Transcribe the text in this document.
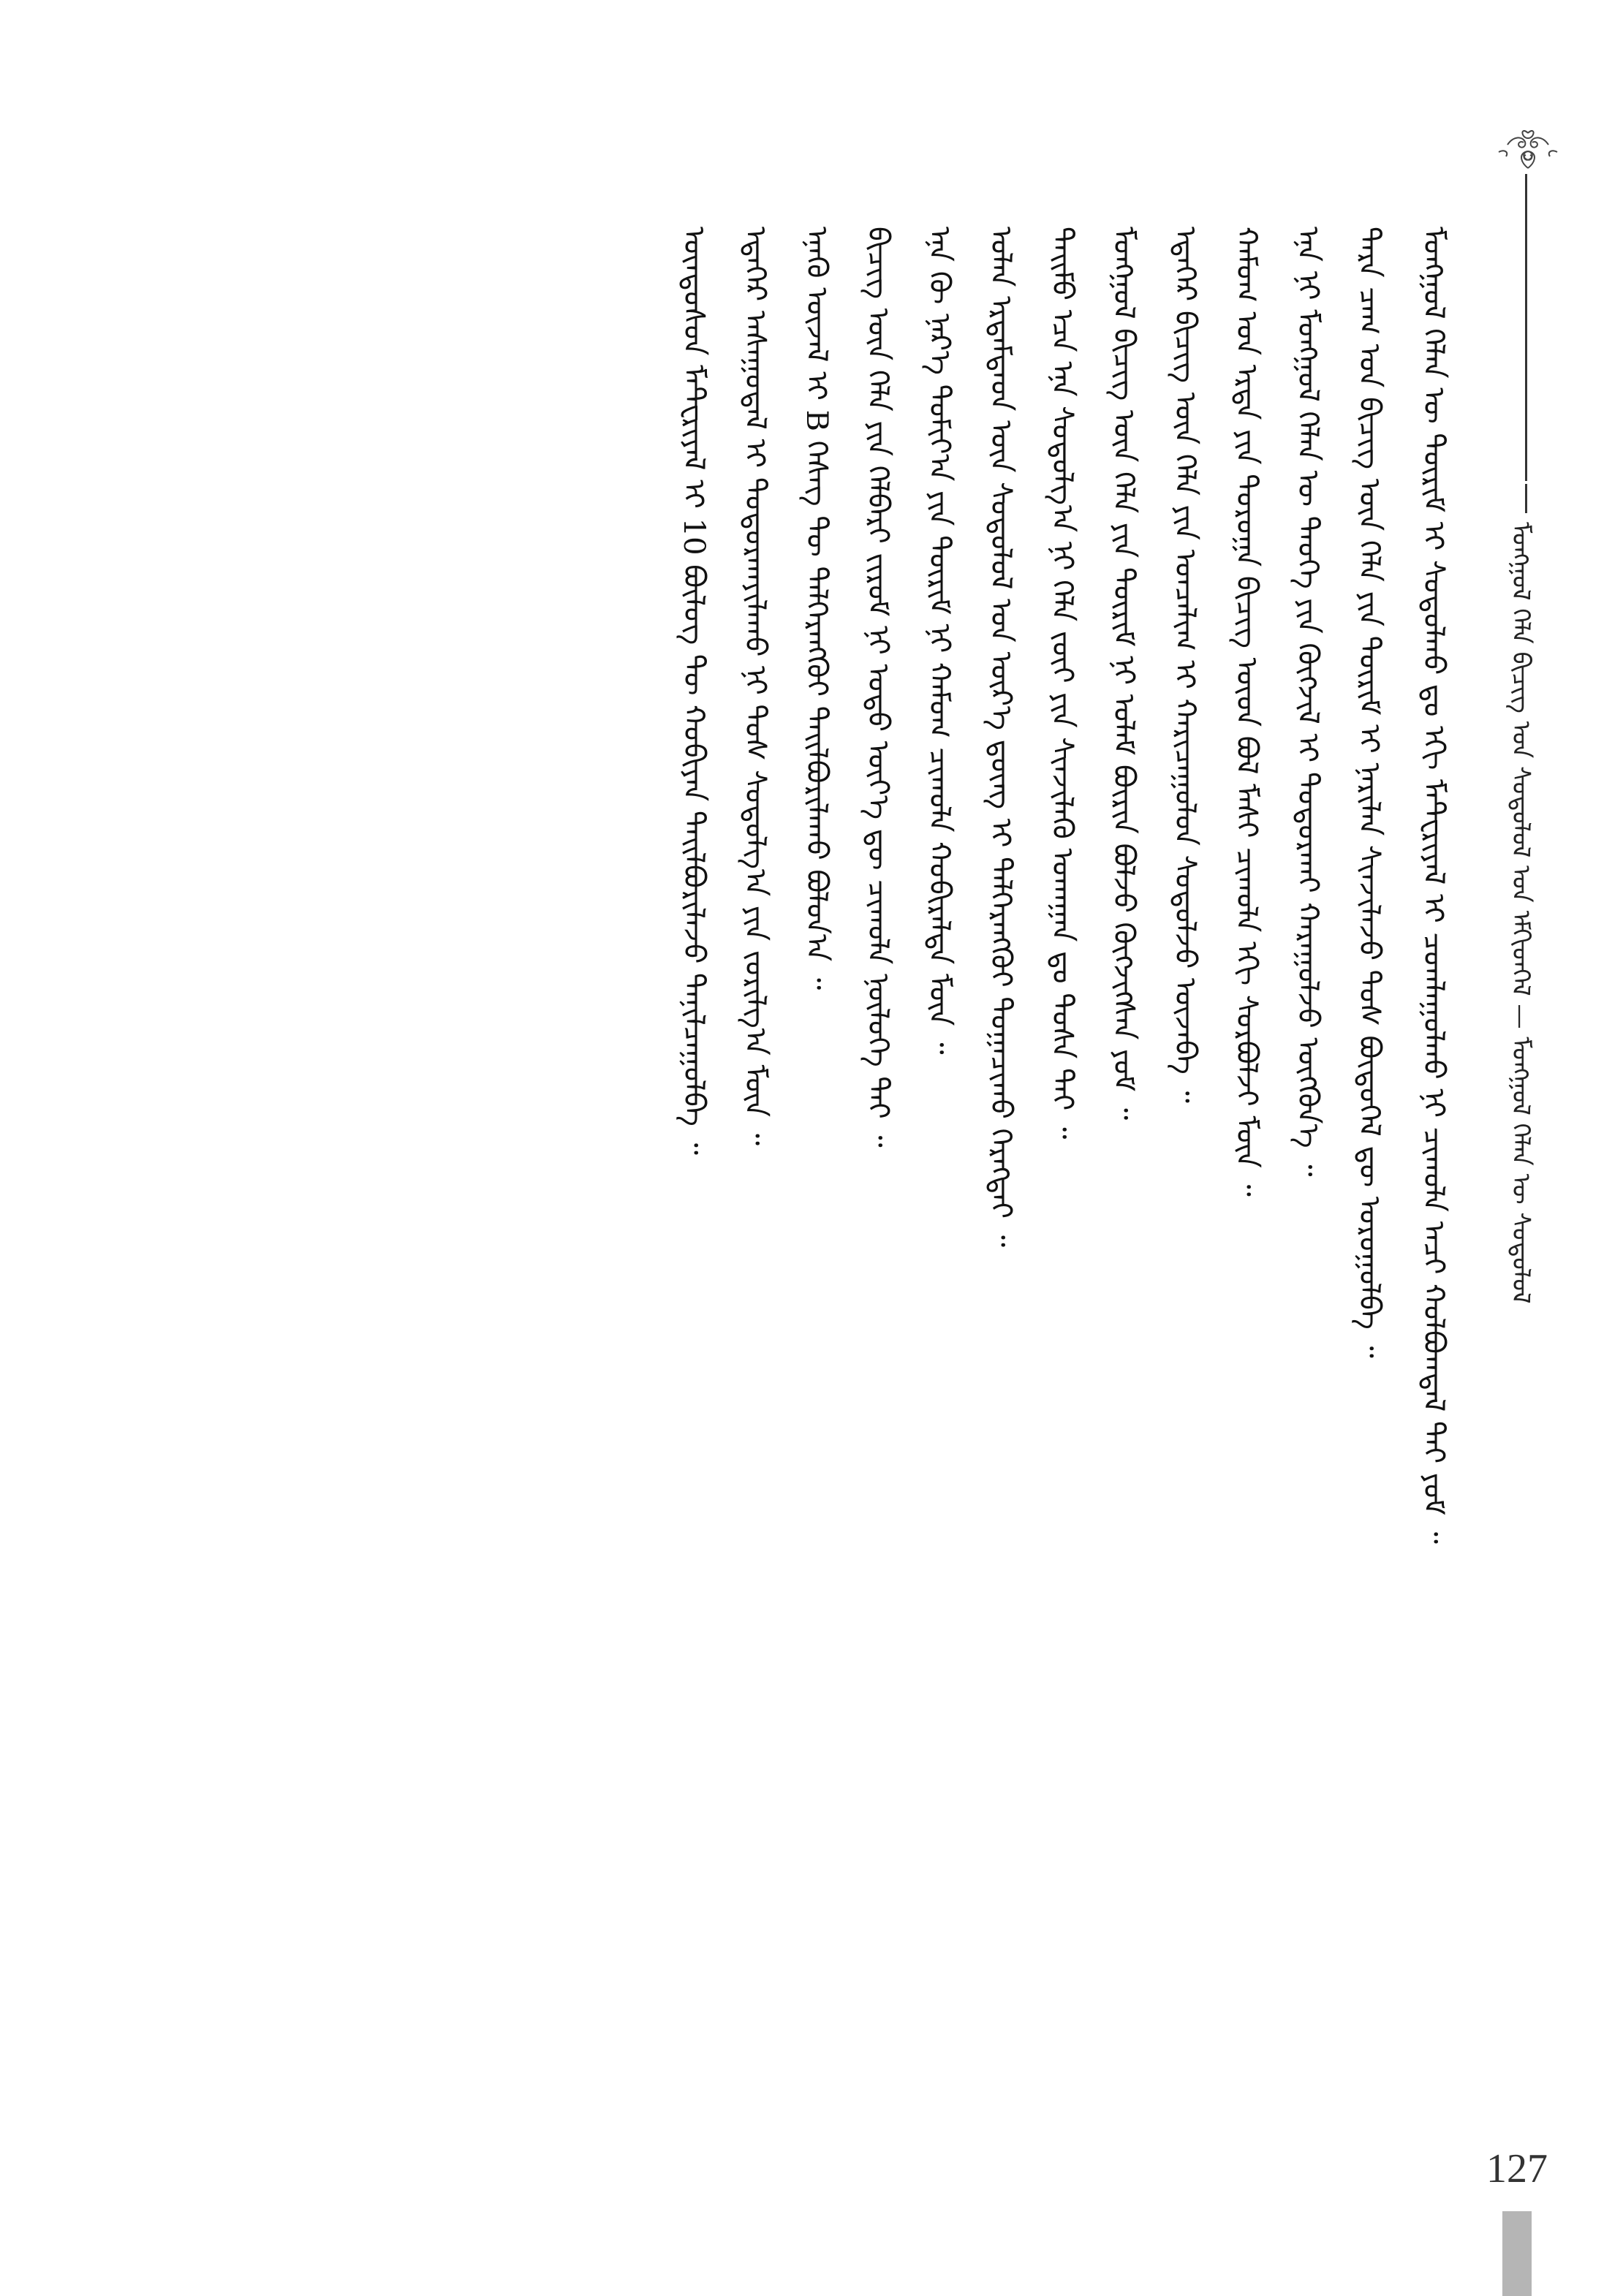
ᠮᠣᠩᠭᠣᠯ ᠬᠡᠯᠡ ᠪᠢᠴᠢᠭ ᠤᠨ ᠰᠤᠳᠤᠯᠤᠯ ᠤᠨ ᠡᠮᠬᠢᠳᠬᠡᠯ — ᠮᠣᠩᠭᠣᠯ ᠬᠡᠯᠡᠨ ᠦ ᠰᠤᠳᠤᠯᠤᠯ
ᠮᠣᠩᠭᠣᠯ ᠬᠡᠯᠡᠨ ᠦ ᠳᠦᠷᠢᠮ ᠢ ᠰᠤᠳᠤᠯᠬᠤ ᠳᠤ ᠡᠬᠢ ᠮᠠᠲ᠋ᠧᠷᠢᠶᠠᠯ ᠢ ᠴᠤᠭᠯᠠᠭᠤᠯᠬᠤ ᠨᠢ ᠴᠢᠬᠤᠯᠠ ᠠᠴᠢ ᠬᠣᠯᠪᠣᠭᠳᠠᠯ ᠲᠠᠢ ᠶᠤᠮ ᠃
ᠲᠡᠷᠡ ᠴᠠᠭ ᠤᠨ ᠪᠢᠴᠢᠭ ᠦᠨ ᠬᠡᠯᠡ ᠶᠢᠨ ᠳᠦᠷᠢᠮ ᠢ ᠨᠠᠷᠢᠯᠠᠨ ᠰᠢᠨᠵᠢᠯᠡᠵᠦ ᠲᠤᠰ ᠪᠦᠲᠦᠭᠡᠯ ᠳᠦ ᠣᠷᠣᠭᠤᠯᠪᠠ ᠃
ᠡᠨᠡ ᠨᠢ ᠮᠣᠩᠭᠣᠯ ᠬᠡᠯᠡᠨ ᠦ ᠲᠡᠦᠬᠡ ᠶᠢᠨ ᠬᠥᠭᠵᠢᠯ ᠢ ᠲᠣᠳᠣᠷᠬᠠᠢ ᠬᠠᠷᠠᠭᠤᠯᠵᠤ ᠥᠭᠭᠦᠨ᠎ᠡ ᠃
ᠬᠠᠮᠤᠭ ᠤᠨ ᠡᠷᠲᠡ ᠶᠢᠨ ᠳᠣᠷᠤᠭᠠ ᠪᠢᠴᠢᠭ ᠦᠳ ᠪᠣᠯ ᠮᠠᠰᠢ ᠴᠢᠬᠤᠯᠠ ᠡᠬᠢ ᠰᠤᠷᠪᠤᠯᠵᠢ ᠮᠥᠨ ᠃
ᠡᠳᠡᠭᠡᠷ ᠪᠢᠴᠢᠭ ᠦᠨ ᠬᠡᠯᠡ ᠶᠢᠨ ᠣᠨᠴᠠᠯᠢᠭ ᠢ ᠬᠠᠷᠢᠴᠠᠭᠤᠯᠤᠨ ᠰᠤᠳᠤᠯᠵᠤ ᠦᠵᠡᠪᠡ ᠃
ᠮᠣᠩᠭᠣᠯ ᠪᠢᠴᠢᠭ ᠦᠨ ᠬᠡᠯᠡ ᠶᠢᠨ ᠳᠦᠷᠢᠮ ᠨᠢ ᠤᠯᠠᠮ ᠪᠦᠷᠢᠨ ᠪᠣᠯᠵᠤ ᠬᠥᠭᠵᠢᠭᠰᠡᠨ ᠶᠤᠮ ᠃
ᠲᠡᠢᠮᠦ ᠡᠴᠡ ᠡᠨᠡ ᠰᠤᠳᠤᠯᠭ᠎ᠠ ᠨᠢ ᠬᠡᠯᠡ ᠵᠦᠢ ᠶᠢᠨ ᠰᠢᠨᠵᠢᠯᠡᠬᠦ ᠤᠬᠠᠭᠠᠨ ᠳᠤ ᠲᠤᠰᠠ ᠲᠠᠢ ᠃
ᠣᠯᠠᠨ ᠡᠷᠳᠡᠮᠲᠡᠳ ᠦᠨ ᠰᠤᠳᠤᠯᠤᠯ ᠤᠨ ᠦᠷ᠎ᠡ ᠳ᠋ᠦᠩ ᠢ ᠳᠡᠯᠭᠡᠷᠡᠩᠭᠦᠢ ᠲᠣᠭᠠᠴᠢᠬᠤ ᠬᠡᠷᠡᠭᠲᠡᠢ ᠃
ᠡᠨᠡ ᠬᠦ ᠨᠡᠷ᠎ᠡ ᠲᠣᠮᠢᠶ᠎ᠠ ᠶᠢᠨ ᠳᠦᠷᠢᠮ ᠨᠢ ᠬᠠᠮᠤᠭ ᠴᠢᠬᠤᠯᠠ ᠬᠤᠪᠢᠷᠠᠯᠲᠠ ᠮᠥᠨ ᠃
ᠪᠢᠴᠢᠭ ᠦᠨ ᠬᠡᠯᠡ ᠶᠢᠨ ᠬᠡᠯᠪᠡᠷᠢ ᠵᠢᠷᠤᠮ ᠨᠢ ᠣᠳᠣ ᠦᠶ᠎ᠡ ᠳᠦ ᠴᠢᠬᠤᠯᠠ ᠨᠥᠯᠦᠭᠡ ᠲᠡᠢ ᠃
ᠡᠨᠡᠬᠦ ᠦᠵᠡᠯ ᠢ B ᠬᠡᠰᠡᠭ ᠲᠦ ᠳᠡᠯᠭᠡᠷᠡᠩᠭᠦᠢ ᠲᠠᠢᠯᠪᠤᠷᠢᠯᠠᠬᠤ ᠪᠣᠯᠤᠨ᠎ᠠ ᠃
ᠡᠳᠡᠭᠡᠷ ᠠᠰᠠᠭᠤᠳᠠᠯ ᠢ ᠲᠣᠳᠣᠷᠬᠠᠶᠢᠯᠠᠬᠤ ᠨᠢ ᠲᠤᠰ ᠰᠤᠳᠤᠯᠭ᠎ᠠ ᠶᠢᠨ ᠵᠣᠷᠢᠯᠭ᠎ᠠ ᠮᠥᠨ ᠃
ᠦᠨᠳᠦᠰᠦᠨ ᠮᠠᠲ᠋ᠧᠷᠢᠶᠠᠯ ᠢ 10 ᠪᠦᠯᠦᠭ ᠲᠦ ᠬᠤᠪᠢᠶᠠᠨ ᠲᠠᠢᠯᠪᠤᠷᠢᠯᠠᠵᠤ ᠲᠠᠨᠢᠯᠴᠠᠭᠤᠯᠪᠠ ᠃
127
